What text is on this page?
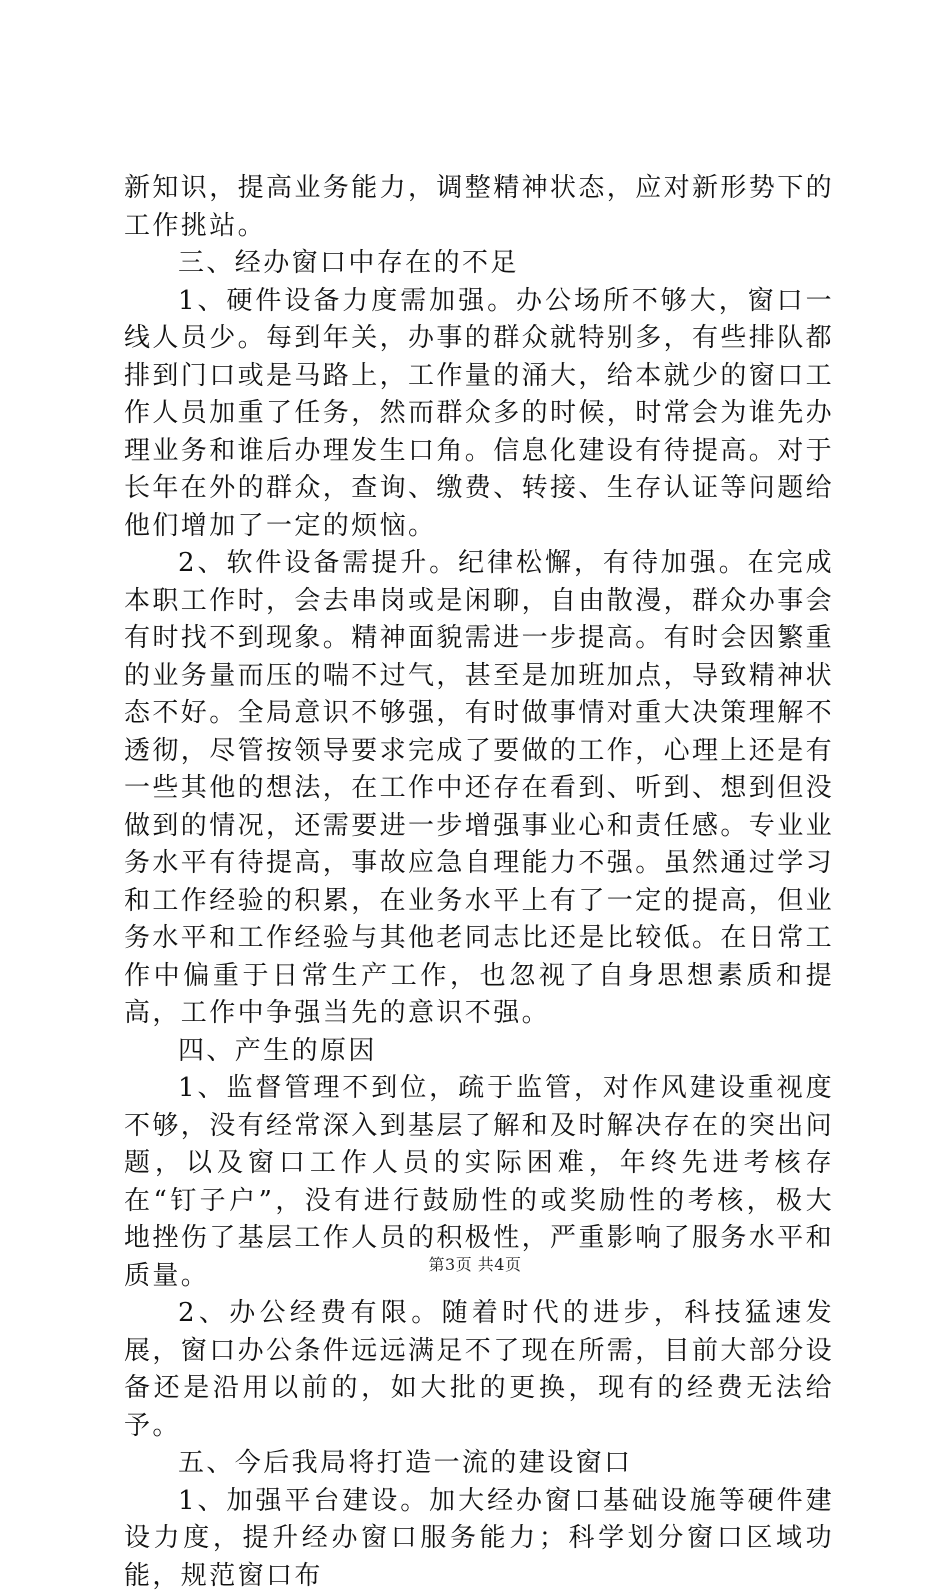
新知识，提高业务能力，调整精神状态，应对新形势下的工作挑站。

三、经办窗口中存在的不足

1、硬件设备力度需加强。办公场所不够大，窗口一线人员少。每到年关，办事的群众就特别多，有些排队都排到门口或是马路上，工作量的涌大，给本就少的窗口工作人员加重了任务，然而群众多的时候，时常会为谁先办理业务和谁后办理发生口角。信息化建设有待提高。对于长年在外的群众，查询、缴费、转接、生存认证等问题给他们增加了一定的烦恼。

2、软件设备需提升。纪律松懈，有待加强。在完成本职工作时，会去串岗或是闲聊，自由散漫，群众办事会有时找不到现象。精神面貌需进一步提高。有时会因繁重的业务量而压的喘不过气，甚至是加班加点，导致精神状态不好。全局意识不够强，有时做事情对重大决策理解不透彻，尽管按领导要求完成了要做的工作，心理上还是有一些其他的想法，在工作中还存在看到、听到、想到但没做到的情况，还需要进一步增强事业心和责任感。专业业务水平有待提高，事故应急自理能力不强。虽然通过学习和工作经验的积累，在业务水平上有了一定的提高，但业务水平和工作经验与其他老同志比还是比较低。在日常工作中偏重于日常生产工作，也忽视了自身思想素质和提高，工作中争强当先的意识不强。

四、产生的原因

1、监督管理不到位，疏于监管，对作风建设重视度不够，没有经常深入到基层了解和及时解决存在的突出问题，以及窗口工作人员的实际困难，年终先进考核存在“钉子户”，没有进行鼓励性的或奖励性的考核，极大地挫伤了基层工作人员的积极性，严重影响了服务水平和质量。

2、办公经费有限。随着时代的进步，科技猛速发展，窗口办公条件远远满足不了现在所需，目前大部分设备还是沿用以前的，如大批的更换，现有的经费无法给予。

五、今后我局将打造一流的建设窗口

1、加强平台建设。加大经办窗口基础设施等硬件建设力度，提升经办窗口服务能力；科学划分窗口区域功能，规范窗口布

第3页 共4页
